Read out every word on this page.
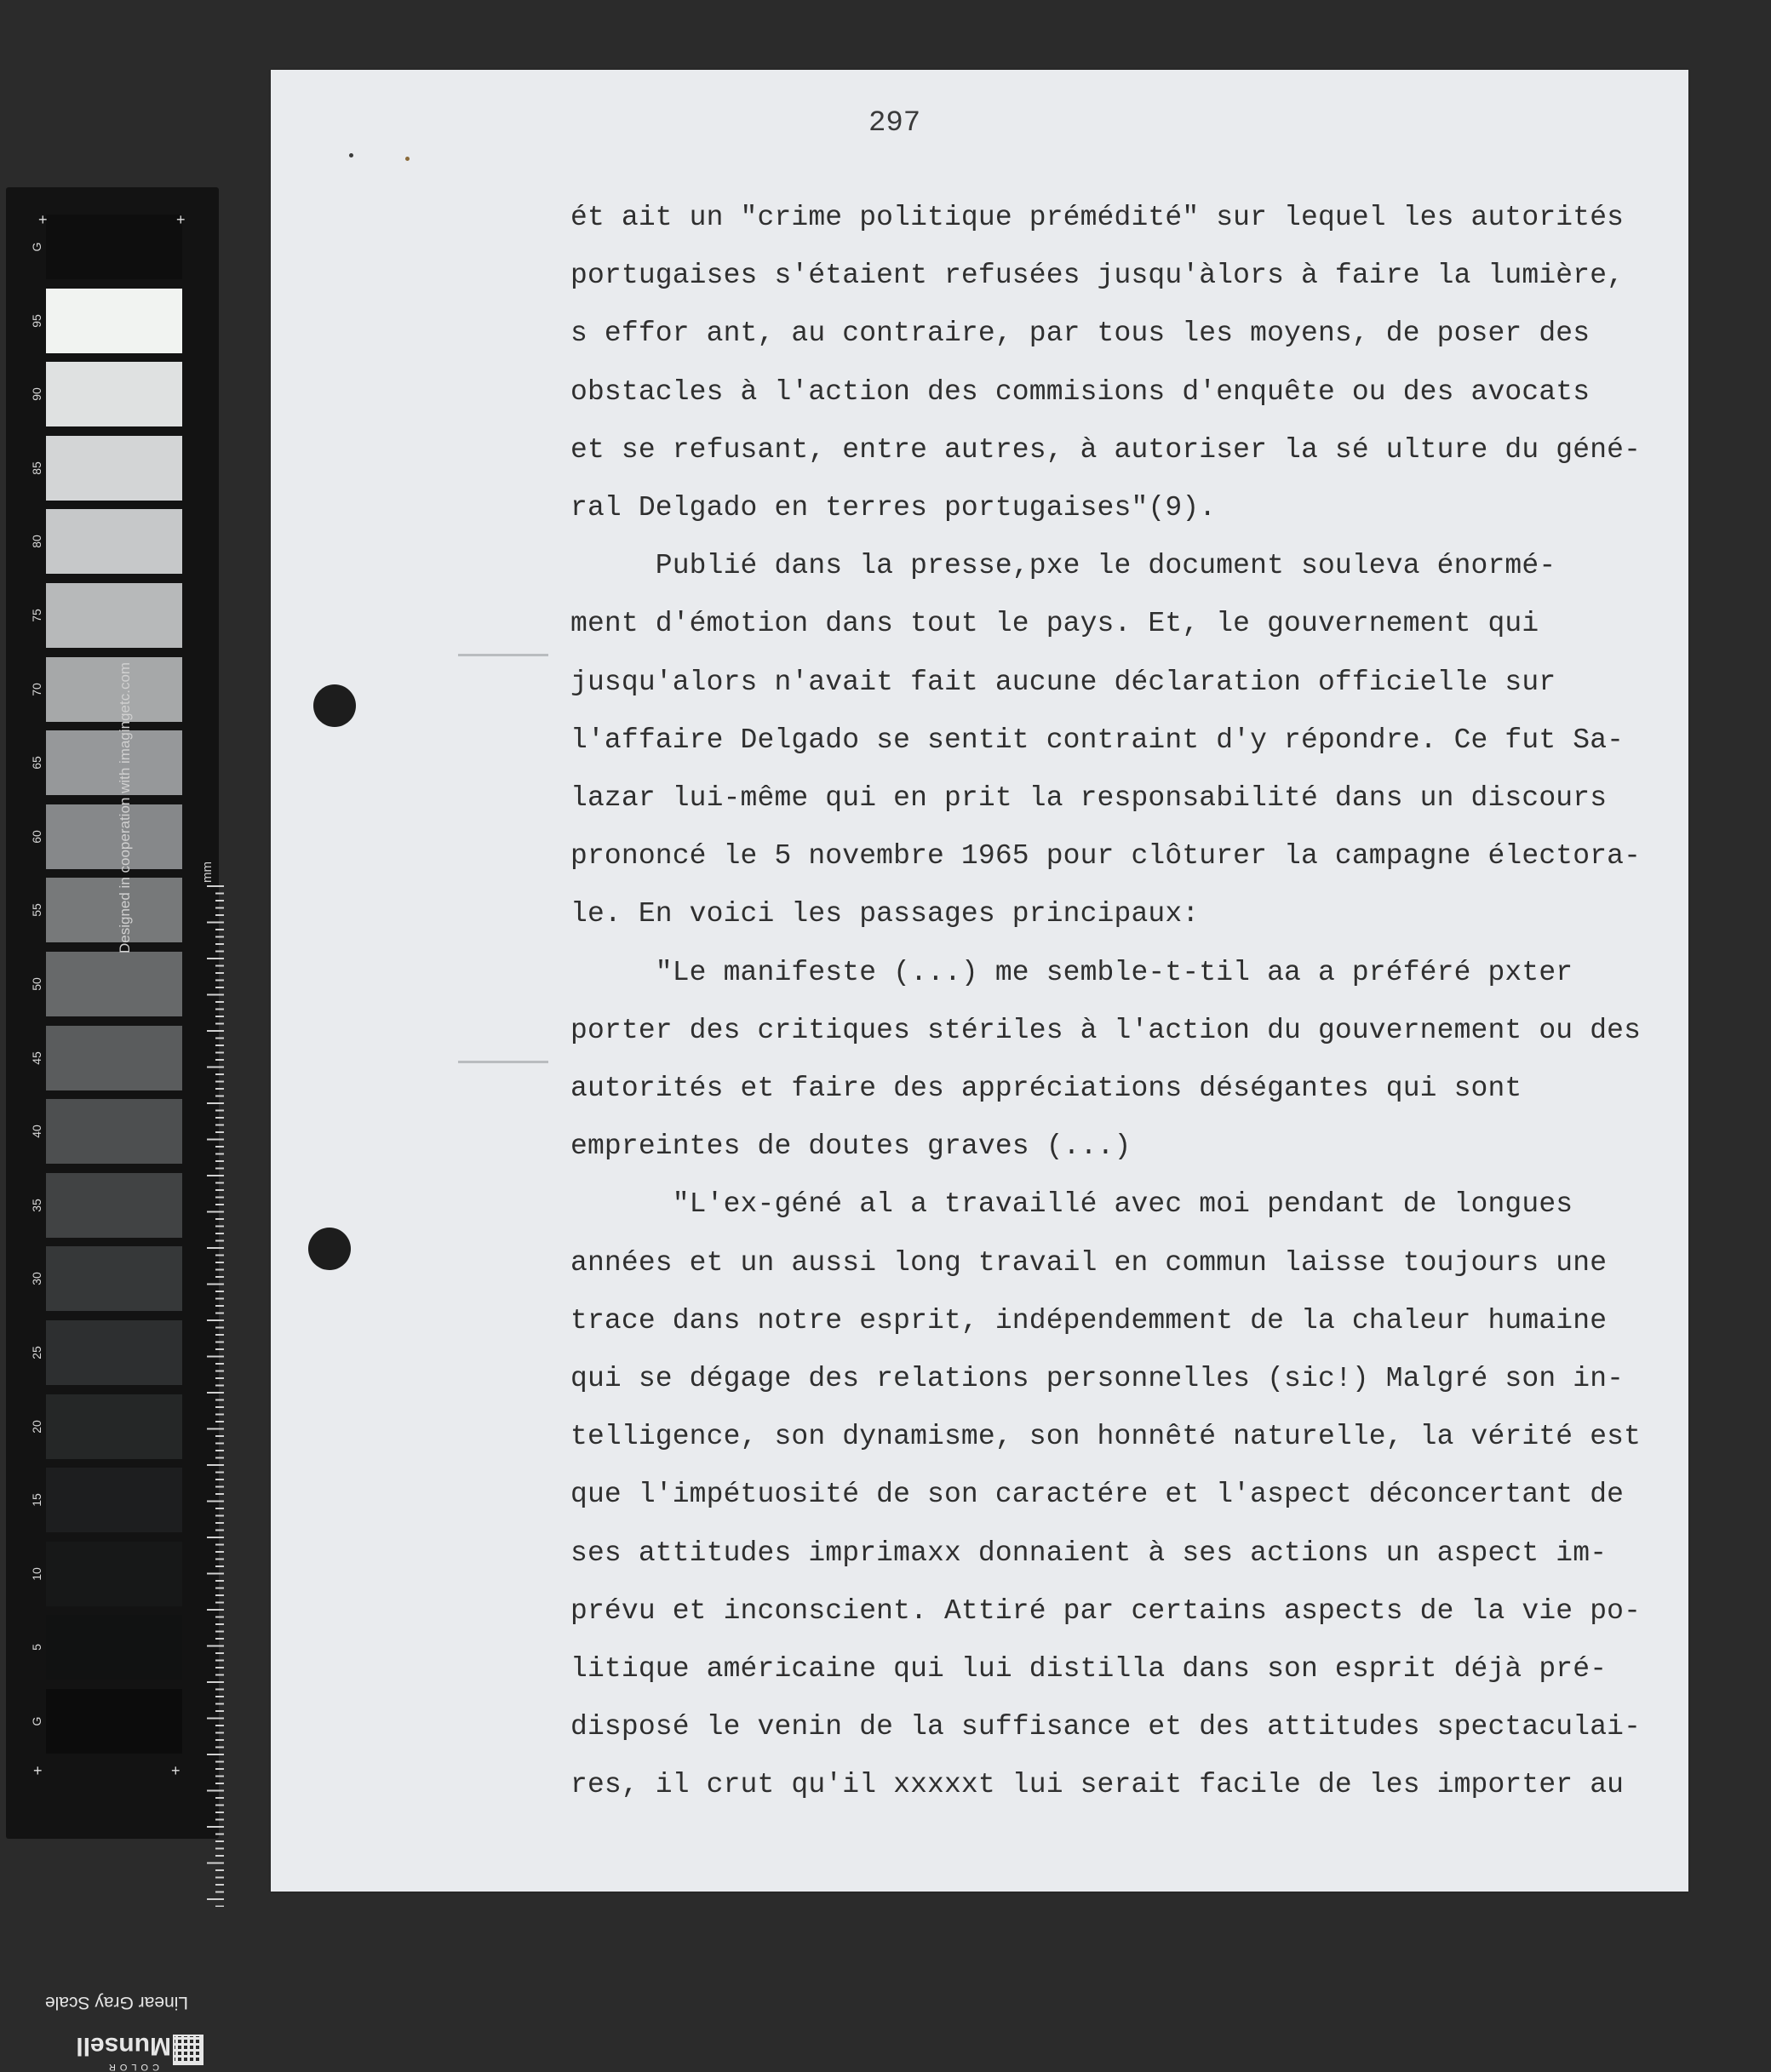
G
95
90
85
80
75
70
65
60
55
50
45
40
35
30
25
20
15
10
5
G
+	+
+	+
Designed in cooperation with imagingetc.com	mm
Linear Gray Scale
COLOR
Munsell
297
ét ait un "crime politique prémédité" sur lequel les autorités
portugaises s'étaient refusées jusqu'àlors à faire la lumière,
s effor ant, au contraire, par tous les moyens, de poser des
obstacles à l'action des commisions d'enquête ou des avocats
et se refusant, entre autres, à autoriser la sé ulture du géné-
ral Delgado en terres portugaises"(9).
Publié dans la presse,pxe le document souleva énormé-
ment d'émotion dans tout le pays. Et, le gouvernement qui
jusqu'alors n'avait fait aucune déclaration officielle sur
l'affaire Delgado se sentit contraint d'y répondre. Ce fut Sa-
lazar lui-même qui en prit la responsabilité dans un discours
prononcé le 5 novembre 1965 pour clôturer la campagne électora-
le. En voici les passages principaux:
"Le manifeste (...) me semble-t-til aa a préféré pxter
porter des critiques stériles à l'action du gouvernement ou des
autorités et faire des appréciations déségantes qui sont
empreintes de doutes graves (...)
"L'ex-géné al a travaillé avec moi pendant de longues
années et un aussi long travail en commun laisse toujours une
trace dans notre esprit, indépendemment de la chaleur humaine
qui se dégage des relations personnelles (sic!) Malgré son in-
telligence, son dynamisme, son honnêté naturelle, la vérité est
que l'impétuosité de son caractére et l'aspect déconcertant de
ses attitudes imprimaxx donnaient à ses actions un aspect im-
prévu et inconscient. Attiré par certains aspects de la vie po-
litique américaine qui lui distilla dans son esprit déjà pré-
disposé le venin de la suffisance et des attitudes spectaculai-
res, il crut qu'il xxxxxt lui serait facile de les importer au
